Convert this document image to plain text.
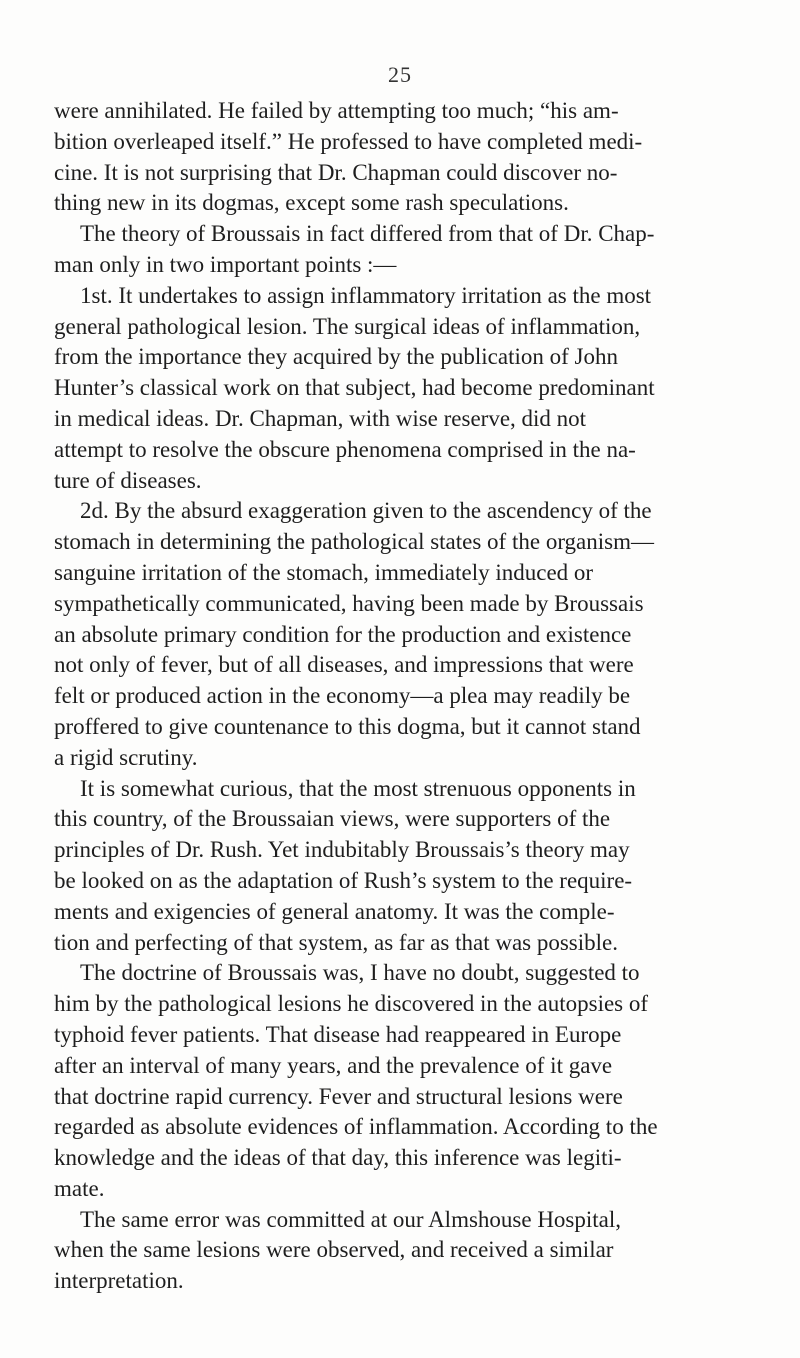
25
were annihilated. He failed by attempting too much; “his am-
bition overleaped itself.” He professed to have completed medi-
cine. It is not surprising that Dr. Chapman could discover no-
thing new in its dogmas, except some rash speculations.
The theory of Broussais in fact differed from that of Dr. Chap-
man only in two important points :—
1st. It undertakes to assign inflammatory irritation as the most
general pathological lesion. The surgical ideas of inflammation,
from the importance they acquired by the publication of John
Hunter’s classical work on that subject, had become predominant
in medical ideas. Dr. Chapman, with wise reserve, did not
attempt to resolve the obscure phenomena comprised in the na-
ture of diseases.
2d. By the absurd exaggeration given to the ascendency of the
stomach in determining the pathological states of the organism—
sanguine irritation of the stomach, immediately induced or
sympathetically communicated, having been made by Broussais
an absolute primary condition for the production and existence
not only of fever, but of all diseases, and impressions that were
felt or produced action in the economy—a plea may readily be
proffered to give countenance to this dogma, but it cannot stand
a rigid scrutiny.
It is somewhat curious, that the most strenuous opponents in
this country, of the Broussaian views, were supporters of the
principles of Dr. Rush. Yet indubitably Broussais’s theory may
be looked on as the adaptation of Rush’s system to the require-
ments and exigencies of general anatomy. It was the comple-
tion and perfecting of that system, as far as that was possible.
The doctrine of Broussais was, I have no doubt, suggested to
him by the pathological lesions he discovered in the autopsies of
typhoid fever patients. That disease had reappeared in Europe
after an interval of many years, and the prevalence of it gave
that doctrine rapid currency. Fever and structural lesions were
regarded as absolute evidences of inflammation. According to the
knowledge and the ideas of that day, this inference was legiti-
mate.
The same error was committed at our Almshouse Hospital,
when the same lesions were observed, and received a similar
interpretation.
